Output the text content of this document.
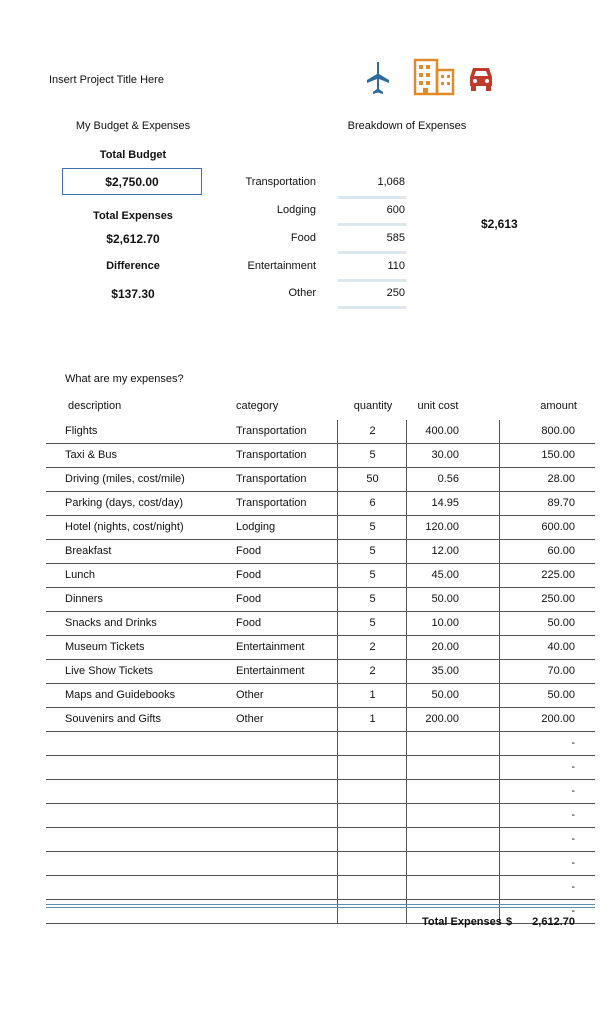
Insert Project Title Here
My Budget & Expenses
Total Budget
$2,750.00
Total Expenses
$2,612.70
Difference
$137.30
Breakdown of Expenses
Transportation	1,068
Lodging	600
Food	585
Entertainment	110
Other	250
$2,613
What are my expenses?
description	category	quantity	unit cost	amount
Flights	Transportation	2	400.00	800.00
Taxi & Bus	Transportation	5	30.00	150.00
Driving (miles, cost/mile)	Transportation	50	0.56	28.00
Parking (days, cost/day)	Transportation	6	14.95	89.70
Hotel (nights, cost/night)	Lodging	5	120.00	600.00
Breakfast	Food	5	12.00	60.00
Lunch	Food	5	45.00	225.00
Dinners	Food	5	50.00	250.00
Snacks and Drinks	Food	5	10.00	50.00
Museum Tickets	Entertainment	2	20.00	40.00
Live Show Tickets	Entertainment	2	35.00	70.00
Maps and Guidebooks	Other	1	50.00	50.00
Souvenirs and Gifts	Other	1	200.00	200.00
-
-
-
-
-
-
-
-
Total Expenses $	2,612.70
